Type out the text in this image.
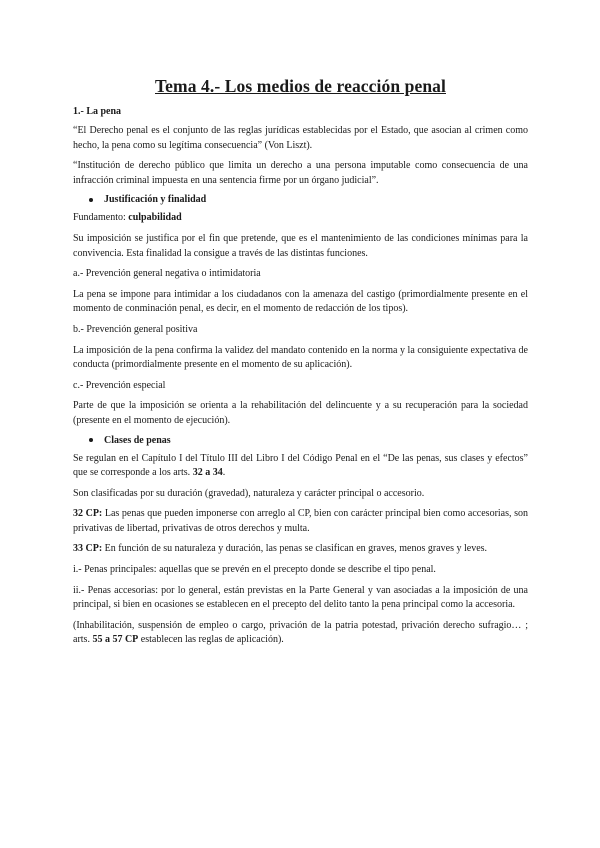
Tema 4.- Los medios de reacción penal
1.- La pena

“El Derecho penal es el conjunto de las reglas jurídicas establecidas por el Estado, que asocian al crimen como hecho, la pena como su legítima consecuencia” (Von Liszt).

“Institución de derecho público que limita un derecho a una persona imputable como consecuencia de una infracción criminal impuesta en una sentencia firme por un órgano judicial”.

Justificación y finalidad

Fundamento: culpabilidad

Su imposición se justifica por el fin que pretende, que es el mantenimiento de las condiciones mínimas para la convivencia. Esta finalidad la consigue a través de las distintas funciones.

a.- Prevención general negativa o intimidatoria

La pena se impone para intimidar a los ciudadanos con la amenaza del castigo (primordialmente presente en el momento de conminación penal, es decir, en el momento de redacción de los tipos).

b.- Prevención general positiva

La imposición de la pena confirma la validez del mandato contenido en la norma y la consiguiente expectativa de conducta (primordialmente presente en el momento de su aplicación).

c.- Prevención especial

Parte de que la imposición se orienta a la rehabilitación del delincuente y a su recuperación para la sociedad (presente en el momento de ejecución).

Clases de penas

Se regulan en el Capítulo I del Título III del Libro I del Código Penal en el “De las penas, sus clases y efectos” que se corresponde a los arts. 32 a 34.

Son clasificadas por su duración (gravedad), naturaleza y carácter principal o accesorio.

32 CP: Las penas que pueden imponerse con arreglo al CP, bien con carácter principal bien como accesorias, son privativas de libertad, privativas de otros derechos y multa.

33 CP: En función de su naturaleza y duración, las penas se clasifican en graves, menos graves y leves.

i.- Penas principales: aquellas que se prevén en el precepto donde se describe el tipo penal.

ii.- Penas accesorias: por lo general, están previstas en la Parte General y van asociadas a la imposición de una principal, si bien en ocasiones se establecen en el precepto del delito tanto la pena principal como la accesoria.

(Inhabilitación, suspensión de empleo o cargo, privación de la patria potestad, privación derecho sufragio… ; arts. 55 a 57 CP establecen las reglas de aplicación).
